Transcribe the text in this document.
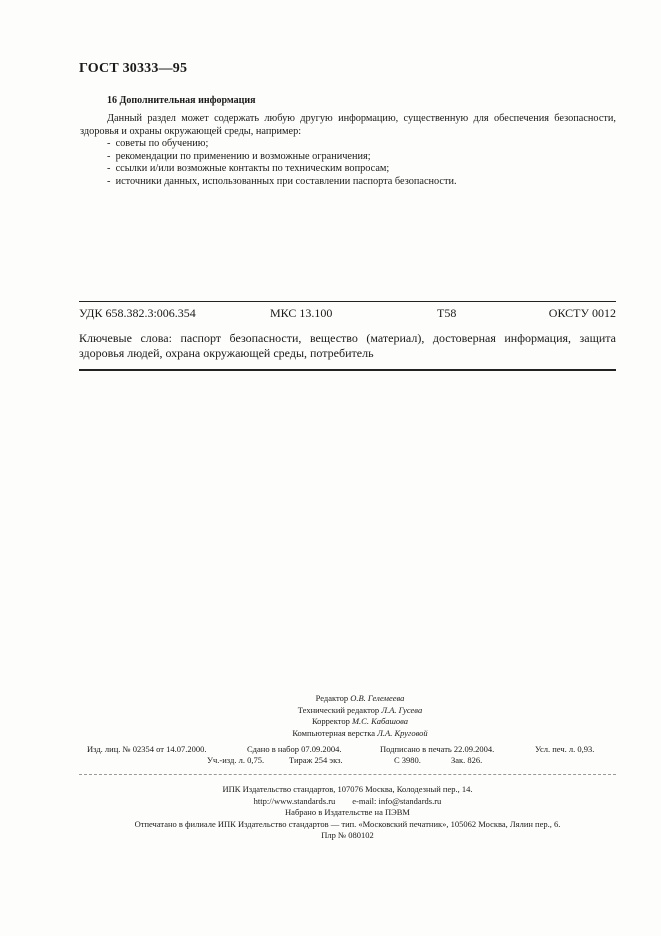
ГОСТ 30333—95
16 Дополнительная информация
Данный раздел может содержать любую другую информацию, существенную для обеспечения безопасности, здоровья и охраны окружающей среды, например:
-  советы по обучению;
-  рекомендации по применению и возможные ограничения;
-  ссылки и/или возможные контакты по техническим вопросам;
-  источники данных, использованных при составлении паспорта безопасности.
УДК 658.382.3:006.354	МКС 13.100	Т58	ОКСТУ 0012
Ключевые слова: паспорт безопасности, вещество (материал), достоверная информация, защита здоровья людей, охрана окружающей среды, потребитель
Редактор О.В. Гелемеева
Технический редактор Л.А. Гусева
Корректор М.С. Кабашова
Компьютерная верстка Л.А. Круговой
Изд. лиц. № 02354 от 14.07.2000.	Сдано в набор 07.09.2004.	Подписано в печать 22.09.2004.	Усл. печ. л. 0,93.
Уч.-изд. л. 0,75.	Тираж 254 экз.	С 3980.	Зак. 826.
ИПК Издательство стандартов, 107076 Москва, Колодезный пер., 14.
http://www.standards.ru        e-mail: info@standards.ru
Набрано в Издательстве на ПЭВМ
Отпечатано в филиале ИПК Издательство стандартов — тип. «Московский печатник», 105062 Москва, Лялин пер., 6.
Плр № 080102
